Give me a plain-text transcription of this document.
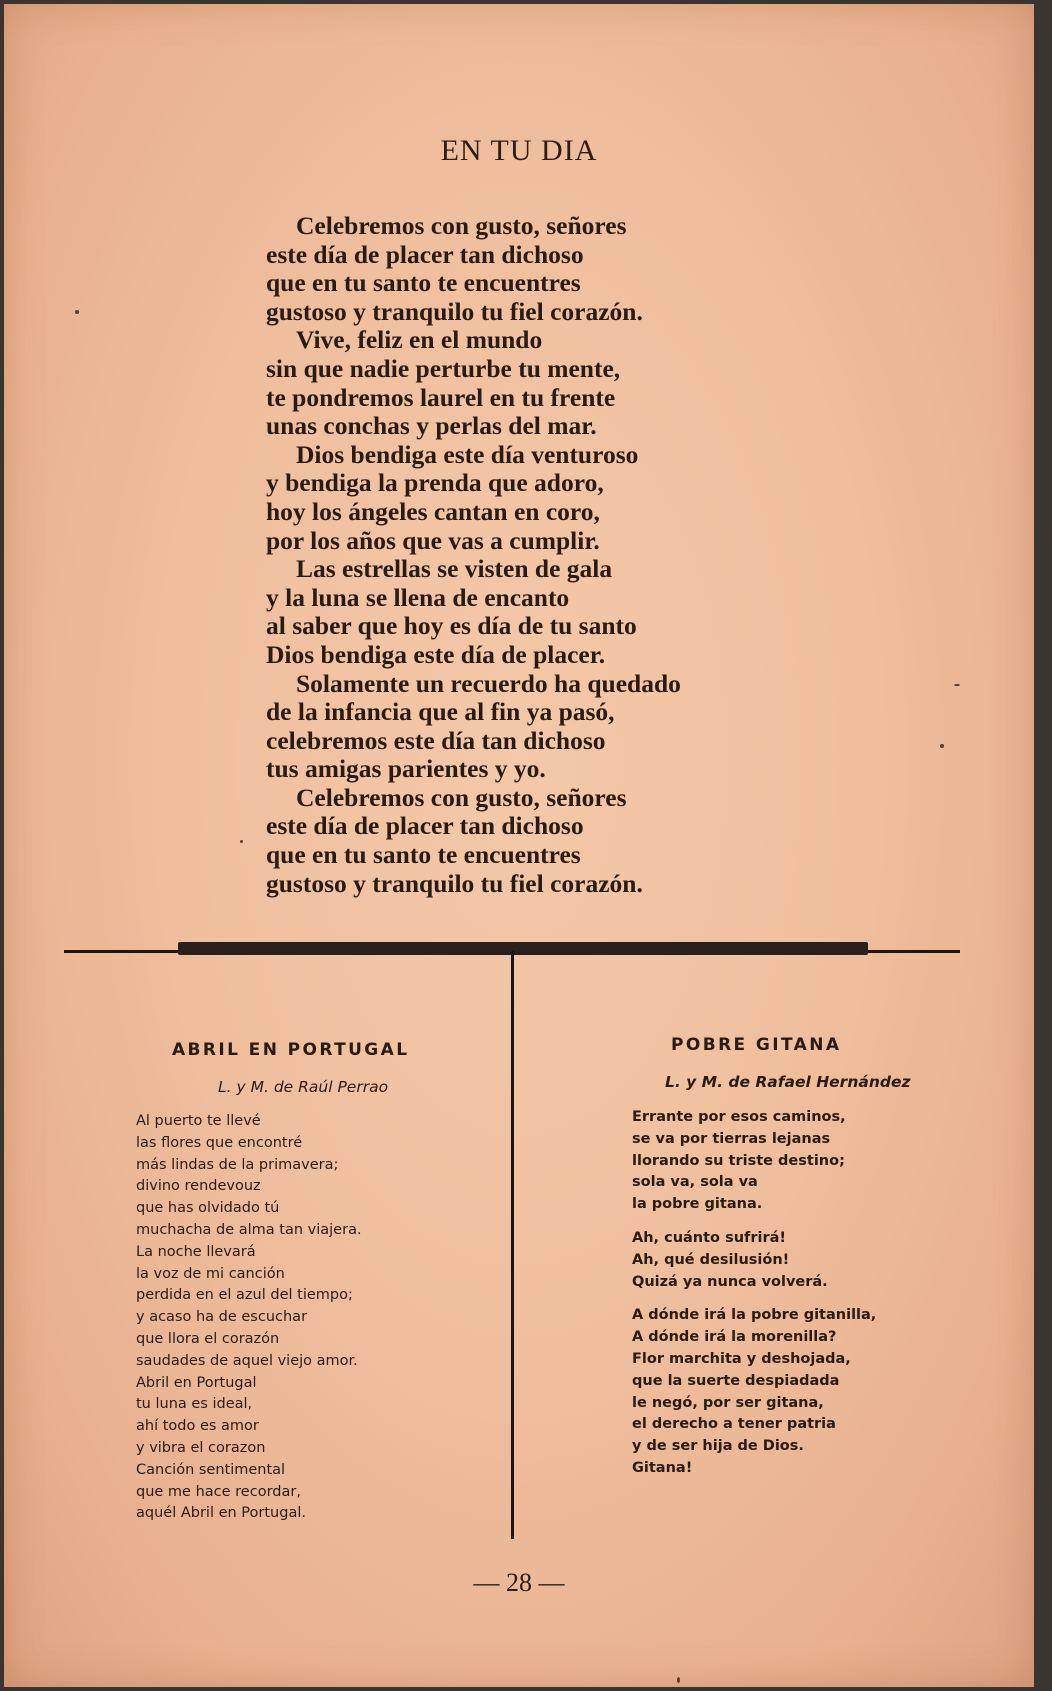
EN TU DIA
Celebremos con gusto, señores
este día de placer tan dichoso
que en tu santo te encuentres
gustoso y tranquilo tu fiel corazón.
Vive, feliz en el mundo
sin que nadie perturbe tu mente,
te pondremos laurel en tu frente
unas conchas y perlas del mar.
Dios bendiga este día venturoso
y bendiga la prenda que adoro,
hoy los ángeles cantan en coro,
por los años que vas a cumplir.
Las estrellas se visten de gala
y la luna se llena de encanto
al saber que hoy es día de tu santo
Dios bendiga este día de placer.
Solamente un recuerdo ha quedado
de la infancia que al fin ya pasó,
celebremos este día tan dichoso
tus amigas parientes y yo.
Celebremos con gusto, señores
este día de placer tan dichoso
que en tu santo te encuentres
gustoso y tranquilo tu fiel corazón.
ABRIL EN PORTUGAL
L. y M. de Raúl Perrao
Al puerto te llevé
las flores que encontré
más lindas de la primavera;
divino rendevouz
que has olvidado tú
muchacha de alma tan viajera.
La noche llevará
la voz de mi canción
perdida en el azul del tiempo;
y acaso ha de escuchar
que llora el corazón
saudades de aquel viejo amor.
Abril en Portugal
tu luna es ideal,
ahí todo es amor
y vibra el corazon
Canción sentimental
que me hace recordar,
aquél Abril en Portugal.
POBRE GITANA
L. y M. de Rafael Hernández
Errante por esos caminos,
se va por tierras lejanas
llorando su triste destino;
sola va, sola va
la pobre gitana.
Ah, cuánto sufrirá!
Ah, qué desilusión!
Quizá ya nunca volverá.
A dónde irá la pobre gitanilla,
A dónde irá la morenilla?
Flor marchita y deshojada,
que la suerte despiadada
le negó, por ser gitana,
el derecho a tener patria
y de ser hija de Dios.
Gitana!
— 28 —
